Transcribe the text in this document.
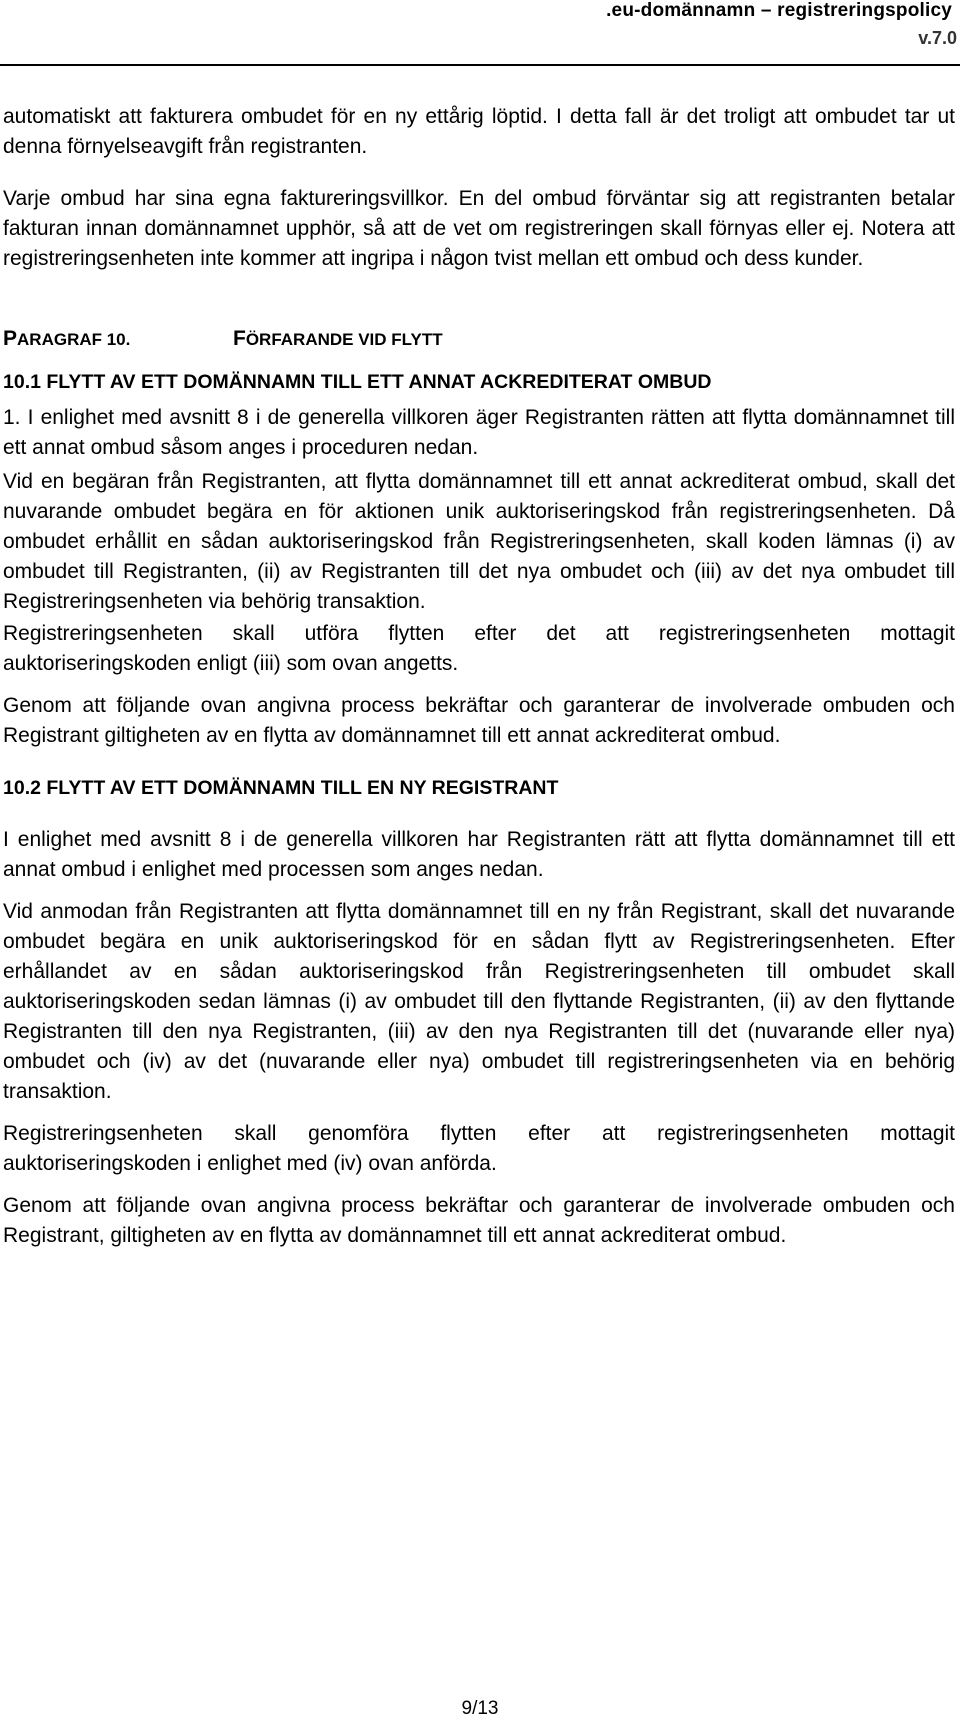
.eu-domännamn – registreringspolicy
v.7.0

automatiskt att fakturera ombudet för en ny ettårig löptid. I detta fall är det troligt att ombudet tar ut denna förnyelseavgift från registranten.

Varje ombud har sina egna faktureringsvillkor. En del ombud förväntar sig att registranten betalar fakturan innan domännamnet upphör, så att de vet om registreringen skall förnyas eller ej. Notera att registreringsenheten inte kommer att ingripa i någon tvist mellan ett ombud och dess kunder.

PARAGRAF 10.	FÖRFARANDE VID FLYTT
10.1 FLYTT AV ETT DOMÄNNAMN TILL ETT ANNAT ACKREDITERAT OMBUD

1. I enlighet med avsnitt 8 i de generella villkoren äger Registranten rätten att flytta domännamnet till ett annat ombud såsom anges i proceduren nedan.

Vid en begäran från Registranten, att flytta domännamnet till ett annat ackrediterat ombud, skall det nuvarande ombudet begära en för aktionen unik auktoriseringskod från registreringsenheten. Då ombudet erhållit en sådan auktoriseringskod från Registreringsenheten, skall koden lämnas (i) av ombudet till Registranten, (ii) av Registranten till det nya ombudet och (iii) av det nya ombudet till Registreringsenheten via behörig transaktion.

Registreringsenheten skall utföra flytten efter det att registreringsenheten mottagit auktoriseringskoden enligt (iii) som ovan angetts.

Genom att följande ovan angivna process bekräftar och garanterar de involverade ombuden och Registrant giltigheten av en flytta av domännamnet till ett annat ackrediterat ombud.

10.2 FLYTT AV ETT DOMÄNNAMN TILL EN NY REGISTRANT

I enlighet med avsnitt 8 i de generella villkoren har Registranten rätt att flytta domännamnet till ett annat ombud i enlighet med processen som anges nedan.

Vid anmodan från Registranten att flytta domännamnet till en ny från Registrant, skall det nuvarande ombudet begära en unik auktoriseringskod för en sådan flytt av Registreringsenheten. Efter erhållandet av en sådan auktoriseringskod från Registreringsenheten till ombudet skall auktoriseringskoden sedan lämnas (i) av ombudet till den flyttande Registranten, (ii) av den flyttande Registranten till den nya Registranten, (iii) av den nya Registranten till det (nuvarande eller nya) ombudet och (iv) av det (nuvarande eller nya) ombudet till registreringsenheten via en behörig transaktion.

Registreringsenheten skall genomföra flytten efter att registreringsenheten mottagit auktoriseringskoden i enlighet med (iv) ovan anförda.

Genom att följande ovan angivna process bekräftar och garanterar de involverade ombuden och Registrant, giltigheten av en flytta av domännamnet till ett annat ackrediterat ombud.

9/13
